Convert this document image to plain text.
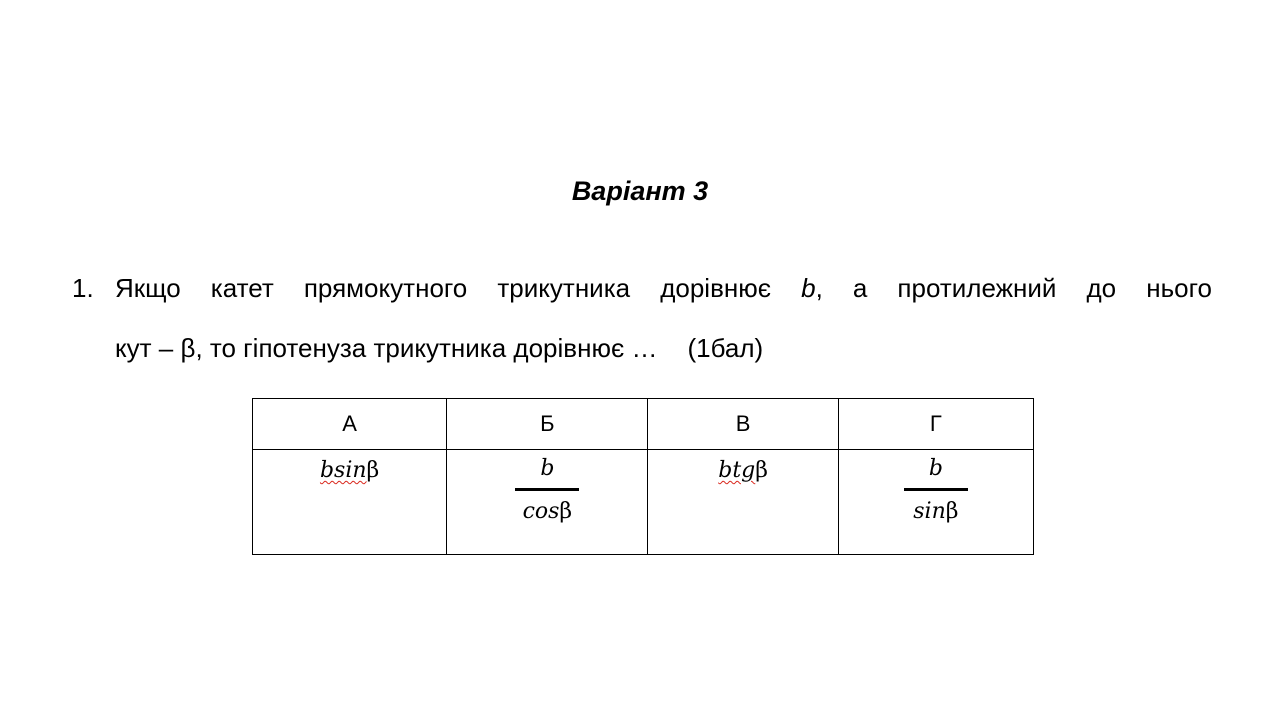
Варіант 3
1. Якщо катет прямокутного трикутника дорівнює b, а протилежний до нього
кут – β, то гіпотенуза трикутника дорівнює … (1бал)
А	Б	В	Г
bsinβ	$\frac{b}{\cos\beta}$	btgβ	$\frac{b}{\sin\beta}$
